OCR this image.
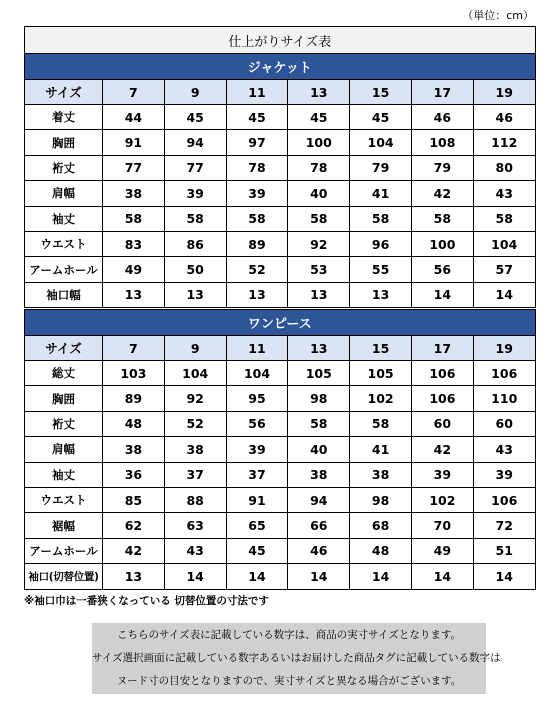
（単位：cm）
仕上がりサイズ表							
ジャケット							
サイズ	7	9	11	13	15	17	19
着丈	44	45	45	45	45	46	46
胸囲	91	94	97	100	104	108	112
裄丈	77	77	78	78	79	79	80
肩幅	38	39	39	40	41	42	43
袖丈	58	58	58	58	58	58	58
ウエスト	83	86	89	92	96	100	104
アームホール	49	50	52	53	55	56	57
袖口幅	13	13	13	13	13	14	14
ワンピース							
サイズ	7	9	11	13	15	17	19
総丈	103	104	104	105	105	106	106
胸囲	89	92	95	98	102	106	110
裄丈	48	52	56	58	58	60	60
肩幅	38	38	39	40	41	42	43
袖丈	36	37	37	38	38	39	39
ウエスト	85	88	91	94	98	102	106
裾幅	62	63	65	66	68	70	72
アームホール	42	43	45	46	48	49	51
袖口(切替位置)	13	14	14	14	14	14	14
※袖口巾は一番狭くなっている 切替位置の寸法です
こちらのサイズ表に記載している数字は、商品の実寸サイズとなります。
サイズ選択画面に記載している数字あるいはお届けした商品タグに記載している数字は
ヌード寸の目安となりますので、実寸サイズと異なる場合がございます。
